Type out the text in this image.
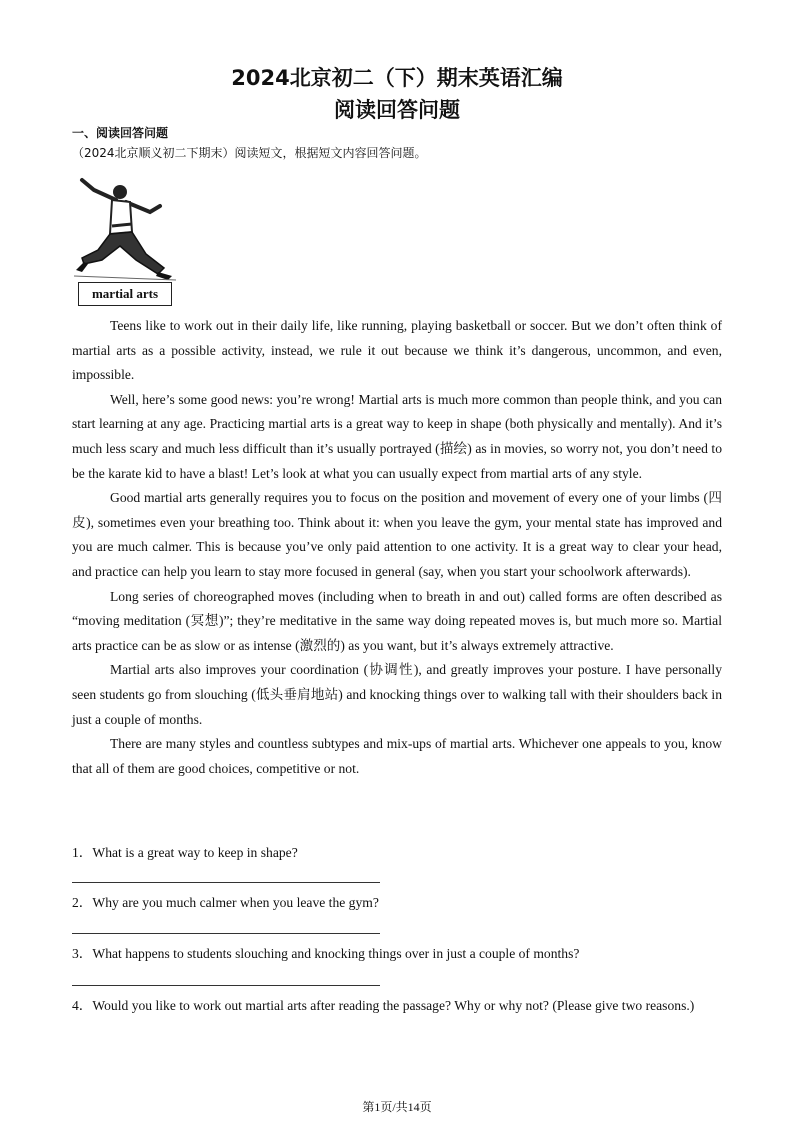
2024北京初二（下）期末英语汇编
阅读回答问题
一、阅读回答问题
（2024北京顺义初二下期末）阅读短文，根据短文内容回答问题。
martial arts

Teens like to work out in their daily life, like running, playing basketball or soccer. But we don’t often think of martial arts as a possible activity, instead, we rule it out because we think it’s dangerous, uncommon, and even, impossible.

Well, here’s some good news: you’re wrong! Martial arts is much more common than people think, and you can start learning at any age. Practicing martial arts is a great way to keep in shape (both physically and mentally). And it’s much less scary and much less difficult than it’s usually portrayed (描绘) as in movies, so worry not, you don’t need to be the karate kid to have a blast! Let’s look at what you can usually expect from martial arts of any style.

Good martial arts generally requires you to focus on the position and movement of every one of your limbs (四皮), sometimes even your breathing too. Think about it: when you leave the gym, your mental state has improved and you are much calmer. This is because you’ve only paid attention to one activity. It is a great way to clear your head, and practice can help you learn to stay more focused in general (say, when you start your schoolwork afterwards).

Long series of choreographed moves (including when to breath in and out) called forms are often described as “moving meditation (冥想)”; they’re meditative in the same way doing repeated moves is, but much more so. Martial arts practice can be as slow or as intense (激烈的) as you want, but it’s always extremely attractive.

Martial arts also improves your coordination (协调性), and greatly improves your posture. I have personally seen students go from slouching (低头垂肩地站) and knocking things over to walking tall with their shoulders back in just a couple of months.

There are many styles and countless subtypes and mix-ups of martial arts. Whichever one appeals to you, know that all of them are good choices, competitive or not.

1．What is a great way to keep in shape?
2．Why are you much calmer when you leave the gym?
3．What happens to students slouching and knocking things over in just a couple of months?
4．Would you like to work out martial arts after reading the passage? Why or why not? (Please give two reasons.)
第1页/共14页
